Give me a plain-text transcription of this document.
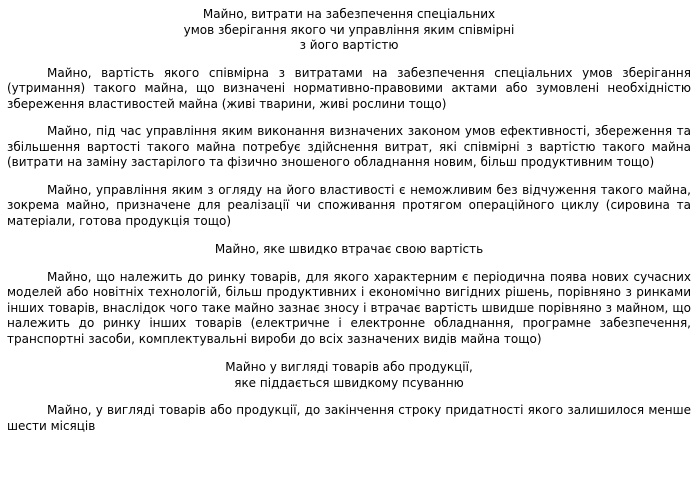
Майно, витрати на забезпечення спеціальних
умов зберігання якого чи управління яким співмірні
з його вартістю

Майно, вартість якого співмірна з витратами на забезпечення спеціальних умов зберігання (утримання) такого майна, що визначені нормативно-правовими актами або зумовлені необхідністю збереження властивостей майна (живі тварини, живі рослини тощо)

Майно, під час управління яким виконання визначених законом умов ефективності, збереження та збільшення вартості такого майна потребує здійснення витрат, які співмірні з вартістю такого майна (витрати на заміну застарілого та фізично зношеного обладнання новим, більш продуктивним тощо)

Майно, управління яким з огляду на його властивості є неможливим без відчуження такого майна, зокрема майно, призначене для реалізації чи споживання протягом операційного циклу (сировина та матеріали, готова продукція тощо)

Майно, яке швидко втрачає свою вартість

Майно, що належить до ринку товарів, для якого характерним є періодична поява нових сучасних моделей або новітніх технологій, більш продуктивних і економічно вигідних рішень, порівняно з ринками інших товарів, внаслідок чого таке майно зазнає зносу і втрачає вартість швидше порівняно з майном, що належить до ринку інших товарів (електричне і електронне обладнання, програмне забезпечення, транспортні засоби, комплектувальні вироби до всіх зазначених видів майна тощо)

Майно у вигляді товарів або продукції,
яке піддається швидкому псуванню

Майно, у вигляді товарів або продукції, до закінчення строку придатності якого залишилося менше шести місяців
